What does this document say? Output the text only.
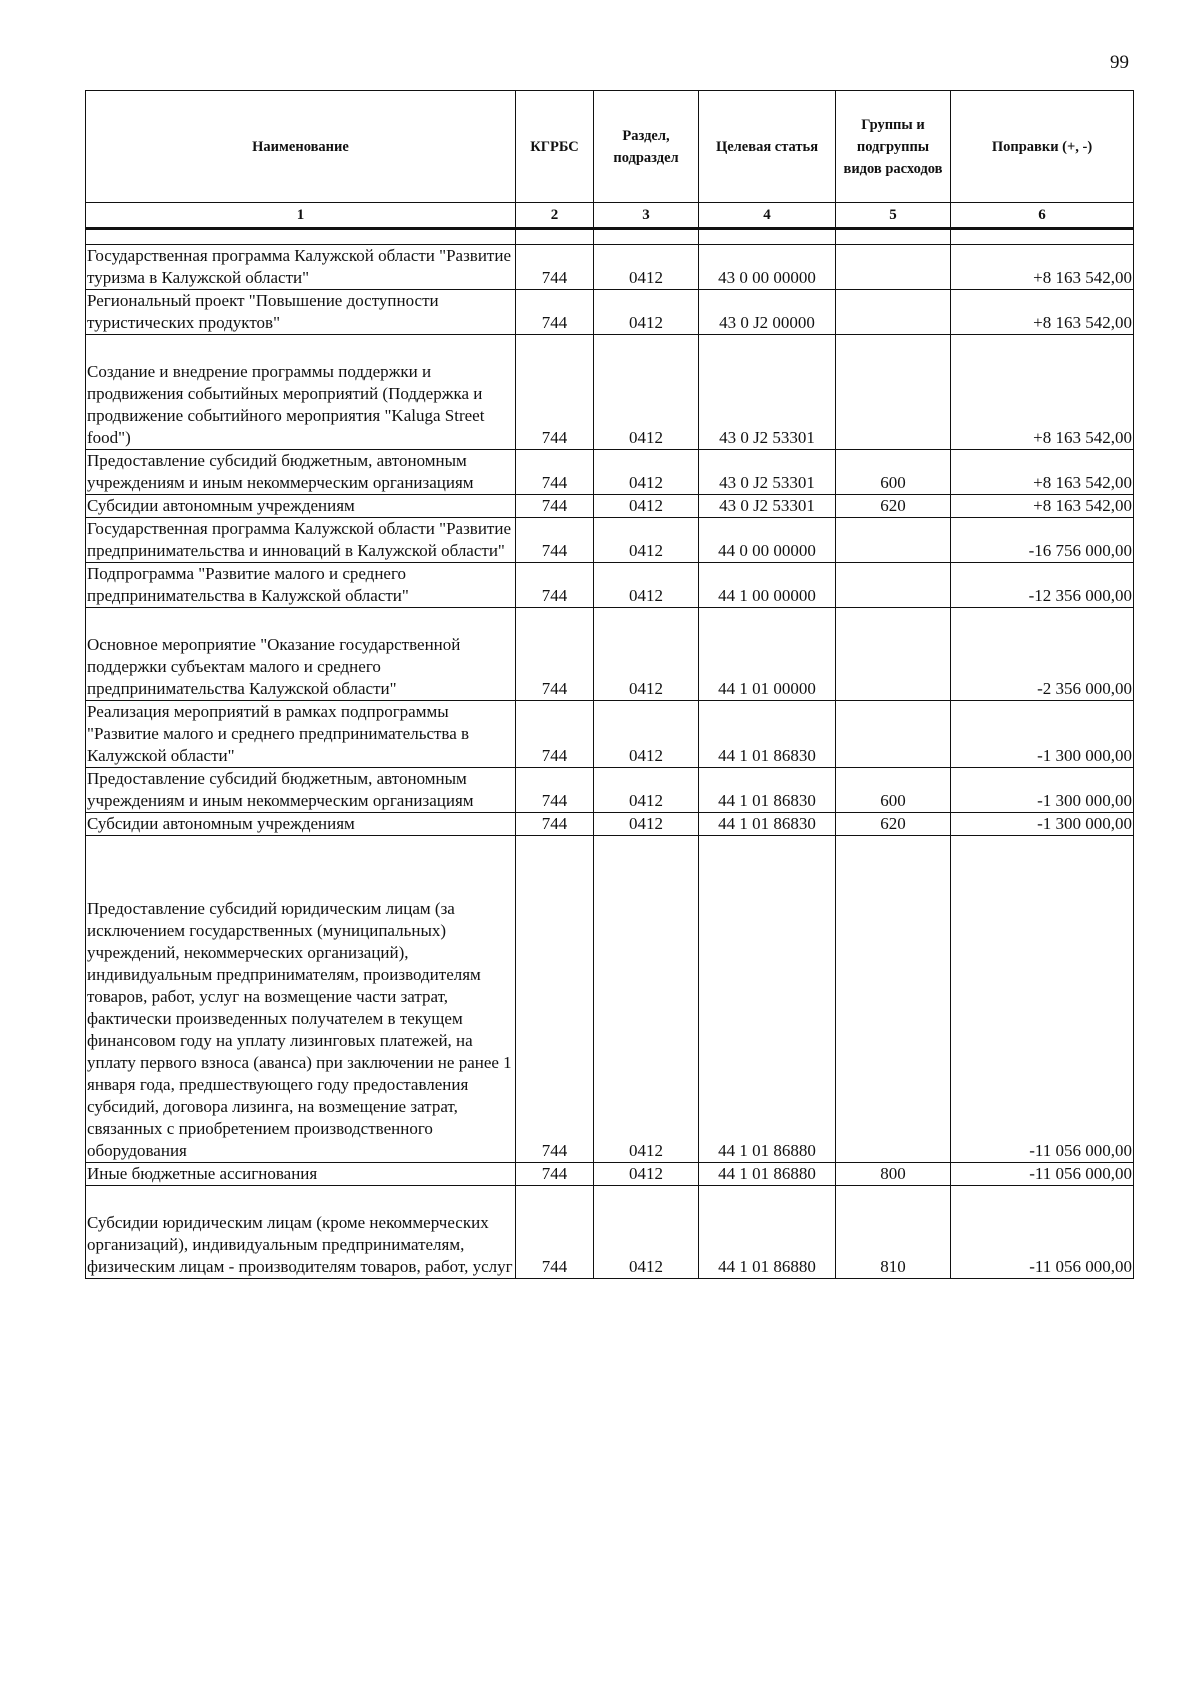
99
Наименование	КГРБС	Раздел, подраздел	Целевая статья	Группы и подгруппы видов расходов	Поправки (+, -)
1	2	3	4	5	6

Государственная программа Калужской области "Развитие туризма в Калужской области"	744	0412	43 0 00 00000		+8 163 542,00
Региональный проект "Повышение доступности туристических продуктов"	744	0412	43 0 J2 00000		+8 163 542,00
Создание и внедрение программы поддержки и продвижения событийных мероприятий (Поддержка и продвижение событийного мероприятия "Kaluga Street food")	744	0412	43 0 J2 53301		+8 163 542,00
Предоставление субсидий бюджетным, автономным учреждениям и иным некоммерческим организациям	744	0412	43 0 J2 53301	600	+8 163 542,00
Субсидии автономным учреждениям	744	0412	43 0 J2 53301	620	+8 163 542,00
Государственная программа Калужской области "Развитие предпринимательства и инноваций в Калужской области"	744	0412	44 0 00 00000		-16 756 000,00
Подпрограмма "Развитие малого и среднего предпринимательства в Калужской области"	744	0412	44 1 00 00000		-12 356 000,00
Основное мероприятие "Оказание государственной поддержки субъектам малого и среднего предпринимательства Калужской области"	744	0412	44 1 01 00000		-2 356 000,00
Реализация мероприятий в рамках подпрограммы "Развитие малого и среднего предпринимательства в Калужской области"	744	0412	44 1 01 86830		-1 300 000,00
Предоставление субсидий бюджетным, автономным учреждениям и иным некоммерческим организациям	744	0412	44 1 01 86830	600	-1 300 000,00
Субсидии автономным учреждениям	744	0412	44 1 01 86830	620	-1 300 000,00
Предоставление субсидий юридическим лицам (за исключением государственных (муниципальных) учреждений, некоммерческих организаций), индивидуальным предпринимателям, производителям товаров, работ, услуг на возмещение части затрат, фактически произведенных получателем в текущем финансовом году на уплату лизинговых платежей, на уплату первого взноса (аванса) при заключении не ранее 1 января года, предшествующего году предоставления субсидий, договора лизинга, на возмещение затрат, связанных с приобретением производственного оборудования	744	0412	44 1 01 86880		-11 056 000,00
Иные бюджетные ассигнования	744	0412	44 1 01 86880	800	-11 056 000,00
Субсидии юридическим лицам (кроме некоммерческих организаций), индивидуальным предпринимателям, физическим лицам - производителям товаров, работ, услуг	744	0412	44 1 01 86880	810	-11 056 000,00
